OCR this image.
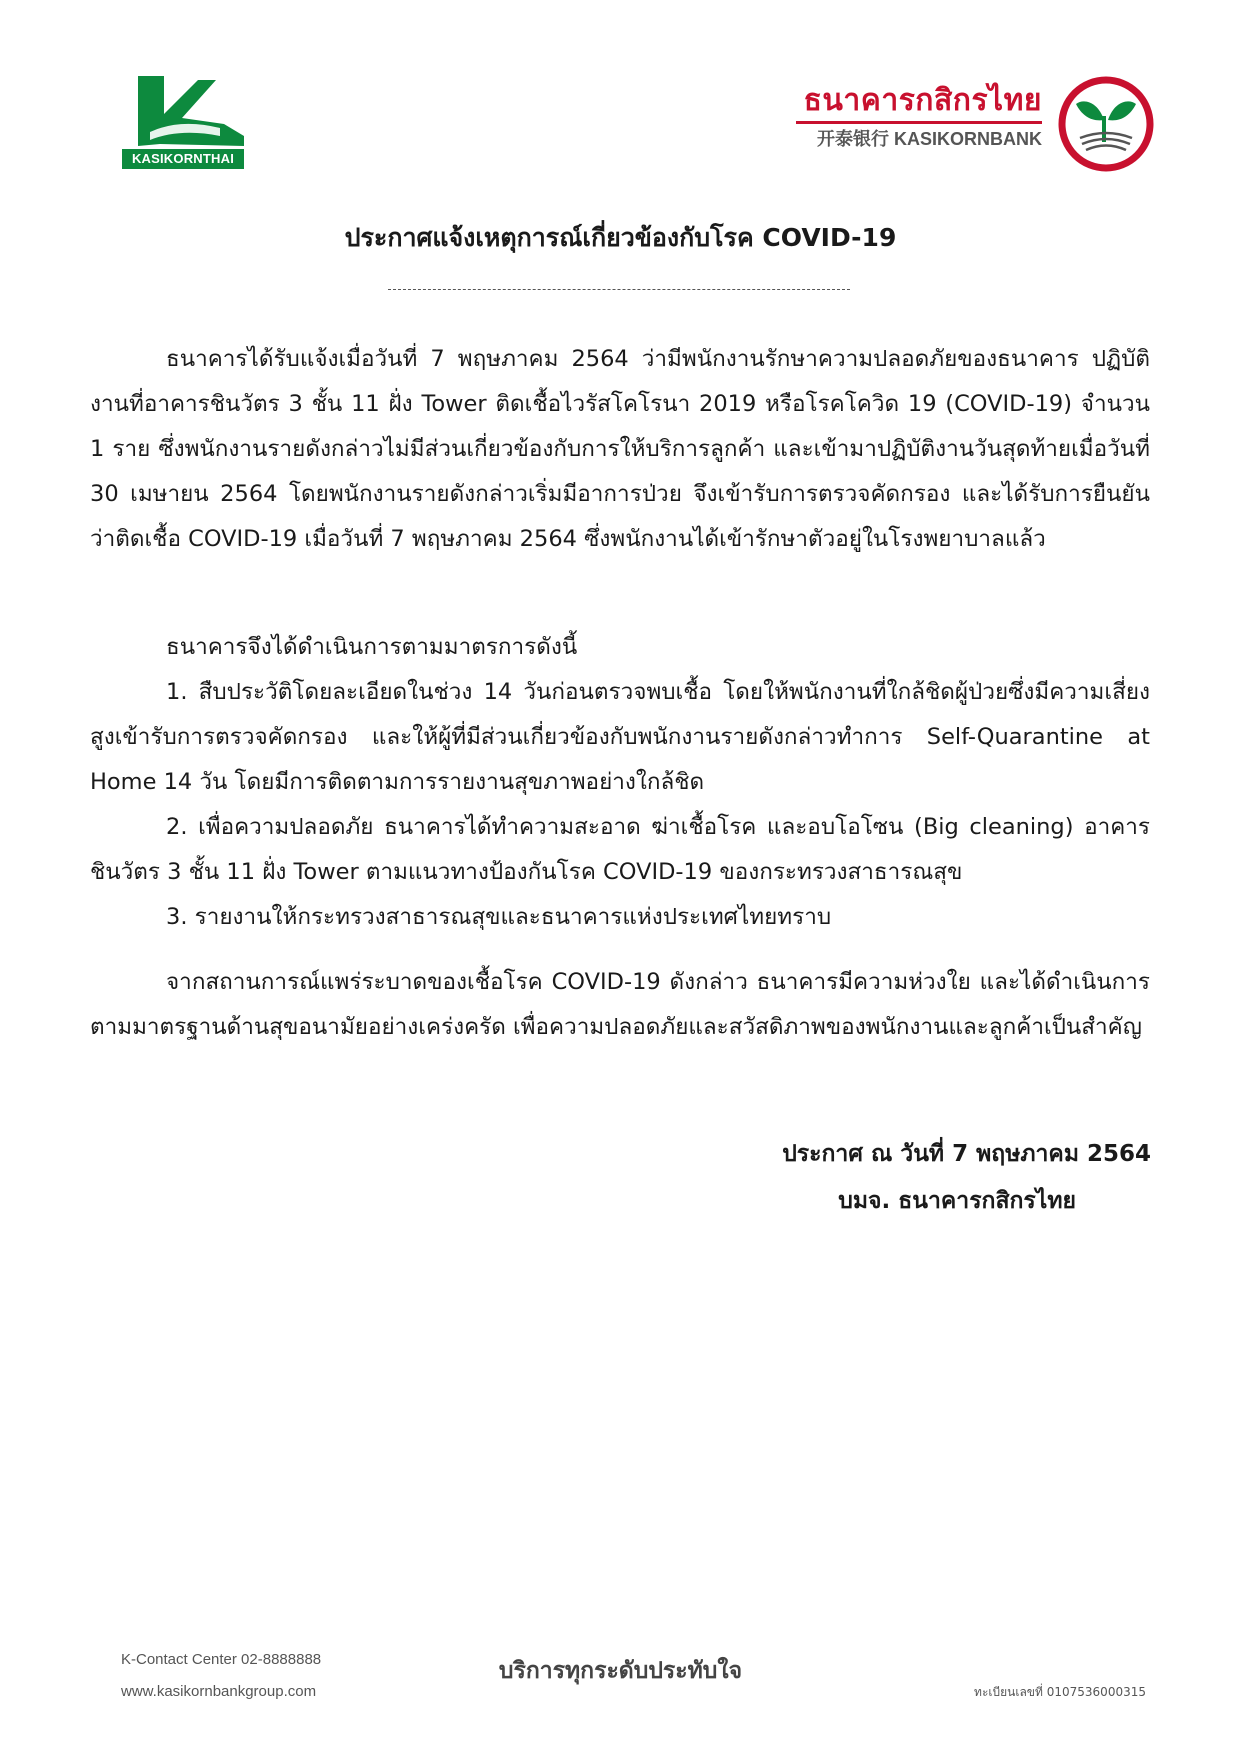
KASIKORNTHAI
ธนาคารกสิกรไทย
开泰银行 KASIKORNBANK
ประกาศแจ้งเหตุการณ์เกี่ยวข้องกับโรค COVID-19
ธนาคารได้รับแจ้งเมื่อวันที่ 7 พฤษภาคม 2564 ว่ามีพนักงานรักษาความปลอดภัยของธนาคาร ปฏิบัติงานที่อาคารชินวัตร 3 ชั้น 11 ฝั่ง Tower ติดเชื้อไวรัสโคโรนา 2019 หรือโรคโควิด 19 (COVID-19) จำนวน 1 ราย ซึ่งพนักงานรายดังกล่าวไม่มีส่วนเกี่ยวข้องกับการให้บริการลูกค้า และเข้ามาปฏิบัติงานวันสุดท้ายเมื่อวันที่ 30 เมษายน 2564 โดยพนักงานรายดังกล่าวเริ่มมีอาการป่วย จึงเข้ารับการตรวจคัดกรอง และได้รับการยืนยันว่าติดเชื้อ COVID-19 เมื่อวันที่ 7 พฤษภาคม 2564 ซึ่งพนักงานได้เข้ารักษาตัวอยู่ในโรงพยาบาลแล้ว
ธนาคารจึงได้ดำเนินการตามมาตรการดังนี้
1. สืบประวัติโดยละเอียดในช่วง 14 วันก่อนตรวจพบเชื้อ โดยให้พนักงานที่ใกล้ชิดผู้ป่วยซึ่งมีความเสี่ยงสูงเข้ารับการตรวจคัดกรอง และให้ผู้ที่มีส่วนเกี่ยวข้องกับพนักงานรายดังกล่าวทำการ Self-Quarantine at Home 14 วัน โดยมีการติดตามการรายงานสุขภาพอย่างใกล้ชิด
2. เพื่อความปลอดภัย ธนาคารได้ทำความสะอาด ฆ่าเชื้อโรค และอบโอโซน (Big cleaning) อาคารชินวัตร 3 ชั้น 11 ฝั่ง Tower ตามแนวทางป้องกันโรค COVID-19 ของกระทรวงสาธารณสุข
3. รายงานให้กระทรวงสาธารณสุขและธนาคารแห่งประเทศไทยทราบ
จากสถานการณ์แพร่ระบาดของเชื้อโรค COVID-19 ดังกล่าว ธนาคารมีความห่วงใย และได้ดำเนินการตามมาตรฐานด้านสุขอนามัยอย่างเคร่งครัด เพื่อความปลอดภัยและสวัสดิภาพของพนักงานและลูกค้าเป็นสำคัญ
ประกาศ ณ วันที่ 7 พฤษภาคม 2564
บมจ. ธนาคารกสิกรไทย
K-Contact Center 02-8888888
www.kasikornbankgroup.com
บริการทุกระดับประทับใจ
ทะเบียนเลขที่ 0107536000315
